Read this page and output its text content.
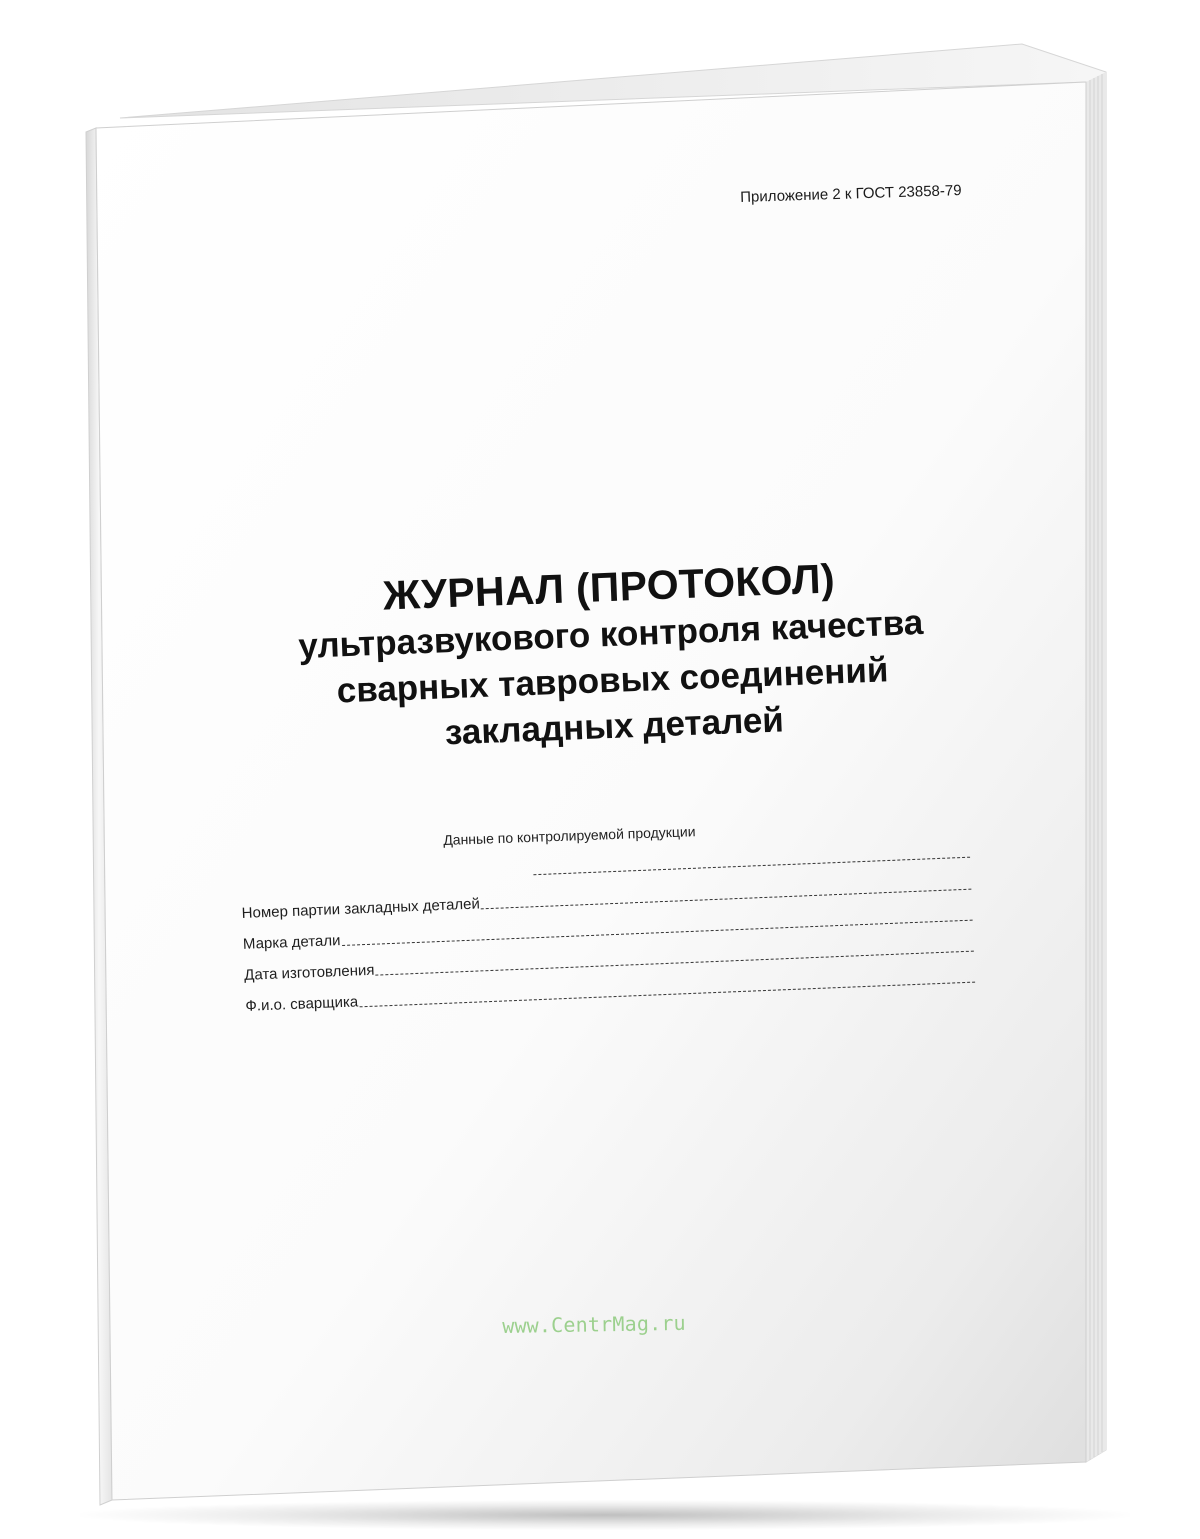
Приложение 2 к ГОСТ 23858-79
ЖУРНАЛ (ПРОТОКОЛ)
ультразвукового контроля качества
сварных тавровых соединений
закладных деталей
Данные по контролируемой продукции
Номер партии закладных деталей
Марка детали
Дата изготовления
Ф.и.о. сварщика
www.CentrMag.ru
